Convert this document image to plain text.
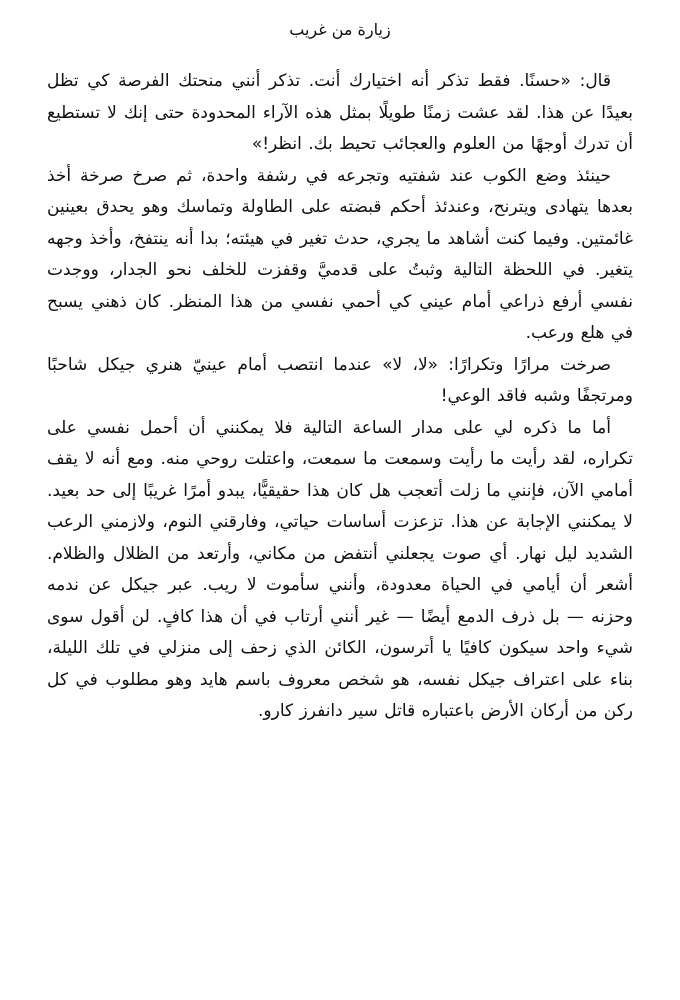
زيارة من غريب

قال: «حسنًا. فقط تذكر أنه اختيارك أنت. تذكر أنني منحتك الفرصة كي تظل بعيدًا عن هذا. لقد عشت زمنًا طويلًا بمثل هذه الآراء المحدودة حتى إنك لا تستطيع أن تدرك أوجهًا من العلوم والعجائب تحيط بك. انظر!»

حينئذ وضع الكوب عند شفتيه وتجرعه في رشفة واحدة، ثم صرخ صرخة أخذ بعدها يتهادى ويترنح، وعندئذ أحكم قبضته على الطاولة وتماسك وهو يحدق بعينين غائمتين. وفيما كنت أشاهد ما يجري، حدث تغير في هيئته؛ بدا أنه ينتفخ، وأخذ وجهه يتغير. في اللحظة التالية وثبتُ على قدميَّ وقفزت للخلف نحو الجدار، ووجدت نفسي أرفع ذراعي أمام عيني كي أحمي نفسي من هذا المنظر. كان ذهني يسبح في هلع ورعب.

صرخت مرارًا وتكرارًا: «لا، لا» عندما انتصب أمام عينيّ هنري جيكل شاحبًا ومرتجفًا وشبه فاقد الوعي!

أما ما ذكره لي على مدار الساعة التالية فلا يمكنني أن أحمل نفسي على تكراره، لقد رأيت ما رأيت وسمعت ما سمعت، واعتلت روحي منه. ومع أنه لا يقف أمامي الآن، فإنني ما زلت أتعجب هل كان هذا حقيقيًّا، يبدو أمرًا غريبًا إلى حد بعيد. لا يمكنني الإجابة عن هذا. تزعزت أساسات حياتي، وفارقني النوم، ولازمني الرعب الشديد ليل نهار. أي صوت يجعلني أنتفض من مكاني، وأرتعد من الظلال والظلام. أشعر أن أيامي في الحياة معدودة، وأنني سأموت لا ريب. عبر جيكل عن ندمه وحزنه — بل ذرف الدمع أيضًا — غير أنني أرتاب في أن هذا كافٍ. لن أقول سوى شيء واحد سيكون كافيًا يا أترسون، الكائن الذي زحف إلى منزلي في تلك الليلة، بناء على اعتراف جيكل نفسه، هو شخص معروف باسم هايد وهو مطلوب في كل ركن من أركان الأرض باعتباره قاتل سير دانفرز كارو.
